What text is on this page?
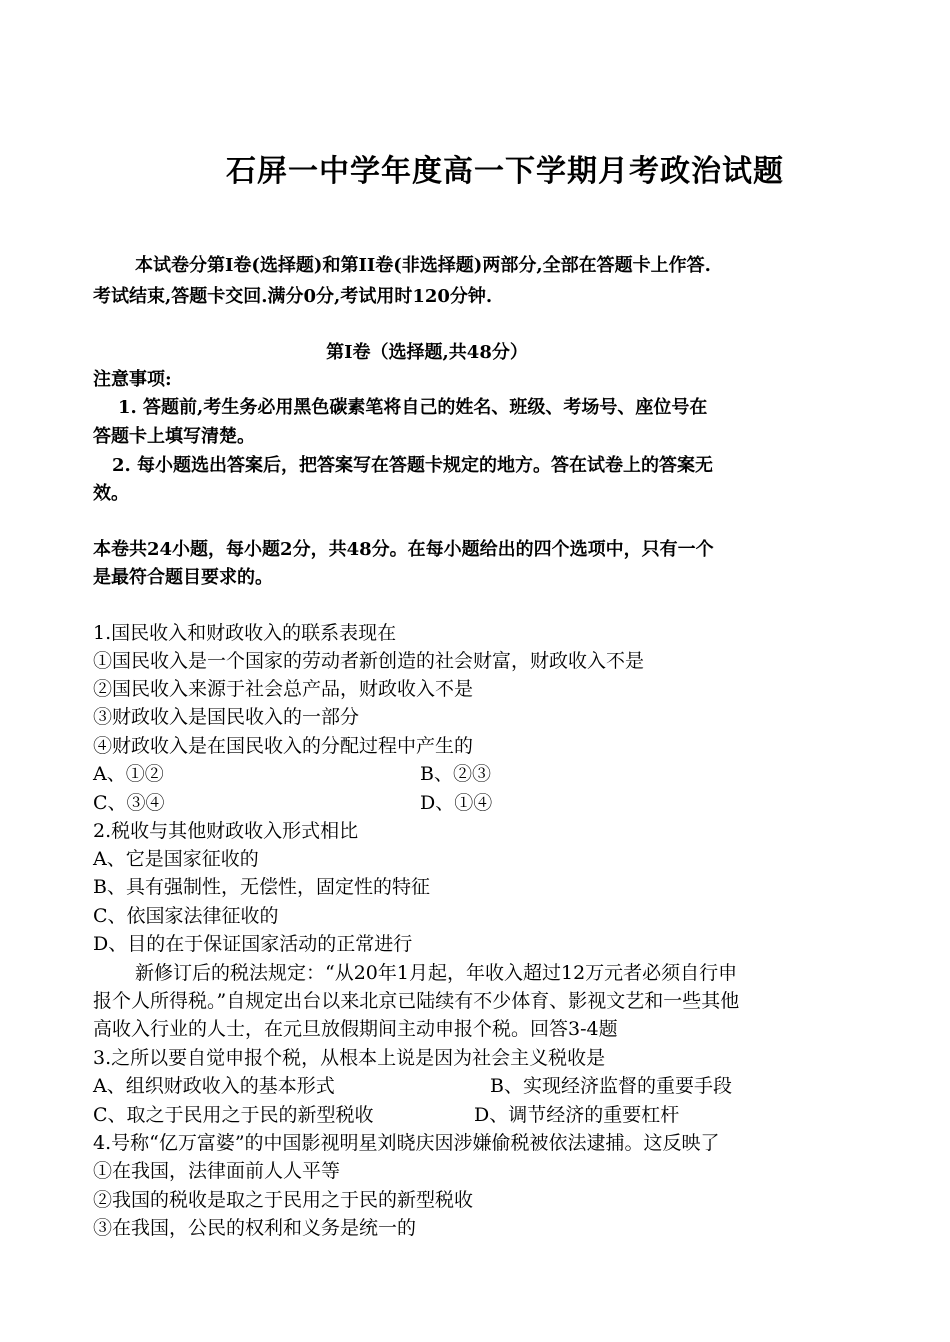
石屏一中学年度高一下学期月考政治试题
本试卷分第Ⅰ卷(选择题)和第II卷(非选择题)两部分,全部在答题卡上作答.
考试结束,答题卡交回.满分0分,考试用时120分钟.
第Ⅰ卷（选择题,共48分）
注意事项:
1. 答题前,考生务必用黑色碳素笔将自己的姓名、班级、考场号、座位号在
答题卡上填写清楚。
2. 每小题选出答案后，把答案写在答题卡规定的地方。答在试卷上的答案无
效。
本卷共24小题，每小题2分，共48分。在每小题给出的四个选项中，只有一个
是最符合题目要求的。
1.国民收入和财政收入的联系表现在
①国民收入是一个国家的劳动者新创造的社会财富，财政收入不是
②国民收入来源于社会总产品，财政收入不是
③财政收入是国民收入的一部分
④财政收入是在国民收入的分配过程中产生的
A、①②	B、②③
C、③④	D、①④
2.税收与其他财政收入形式相比
A、它是国家征收的
B、具有强制性，无偿性，固定性的特征
C、依国家法律征收的
D、目的在于保证国家活动的正常进行
新修订后的税法规定：“从20年1月起，年收入超过12万元者必须自行申
报个人所得税。”自规定出台以来北京已陆续有不少体育、影视文艺和一些其他
高收入行业的人士，在元旦放假期间主动申报个税。回答3-4题
3.之所以要自觉申报个税，从根本上说是因为社会主义税收是
A、组织财政收入的基本形式	B、实现经济监督的重要手段
C、取之于民用之于民的新型税收	D、调节经济的重要杠杆
4.号称“亿万富婆”的中国影视明星刘晓庆因涉嫌偷税被依法逮捕。这反映了
①在我国，法律面前人人平等
②我国的税收是取之于民用之于民的新型税收
③在我国，公民的权利和义务是统一的
